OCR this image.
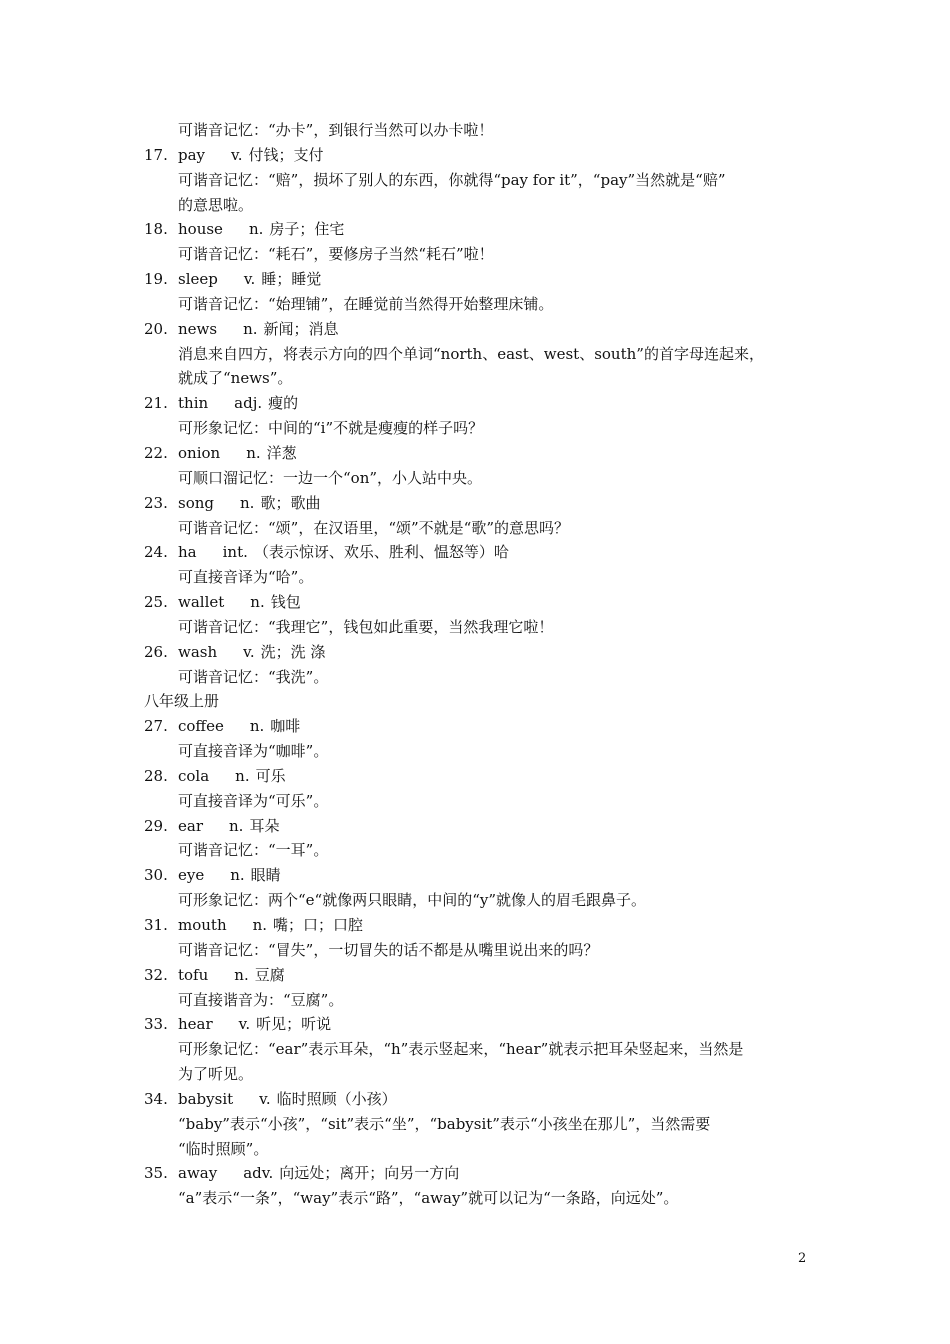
可谐音记忆：“办卡”，到银行当然可以办卡啦！
17. pay v. 付钱；支付
可谐音记忆：“赔”，损坏了别人的东西，你就得“pay for it”，“pay”当然就是“赔”
的意思啦。
18. house n. 房子；住宅
可谐音记忆：“耗石”，要修房子当然“耗石”啦！
19. sleep v. 睡；睡觉
可谐音记忆：“始理铺”，在睡觉前当然得开始整理床铺。
20. news n. 新闻；消息
消息来自四方，将表示方向的四个单词“north、east、west、south”的首字母连起来，
就成了“news”。
21. thin adj. 瘦的
可形象记忆：中间的“i”不就是瘦瘦的样子吗？
22. onion n. 洋葱
可顺口溜记忆：一边一个“on”，小人站中央。
23. song n. 歌；歌曲
可谐音记忆：“颂”，在汉语里，“颂”不就是“歌”的意思吗？
24. ha int. （表示惊讶、欢乐、胜利、愠怒等）哈
可直接音译为“哈”。
25. wallet n. 钱包
可谐音记忆：“我理它”，钱包如此重要，当然我理它啦！
26. wash v. 洗；洗 涤
可谐音记忆：“我洗”。
八年级上册
27. coffee n. 咖啡
可直接音译为“咖啡”。
28. cola n. 可乐
可直接音译为“可乐”。
29. ear n. 耳朵
可谐音记忆：“一耳”。
30. eye n. 眼睛
可形象记忆：两个“e“就像两只眼睛，中间的“y”就像人的眉毛跟鼻子。
31. mouth n. 嘴；口；口腔
可谐音记忆：“冒失”，一切冒失的话不都是从嘴里说出来的吗？
32. tofu n. 豆腐
可直接谐音为：“豆腐”。
33. hear v. 听见；听说
可形象记忆：“ear”表示耳朵，“h”表示竖起来，“hear”就表示把耳朵竖起来，当然是
为了听见。
34. babysit v. 临时照顾（小孩）
“baby”表示“小孩”，“sit”表示“坐”，“babysit”表示“小孩坐在那儿”，当然需要
“临时照顾”。
35. away adv. 向远处；离开；向另一方向
“a”表示“一条”，“way”表示“路”，“away”就可以记为“一条路，向远处”。
2
